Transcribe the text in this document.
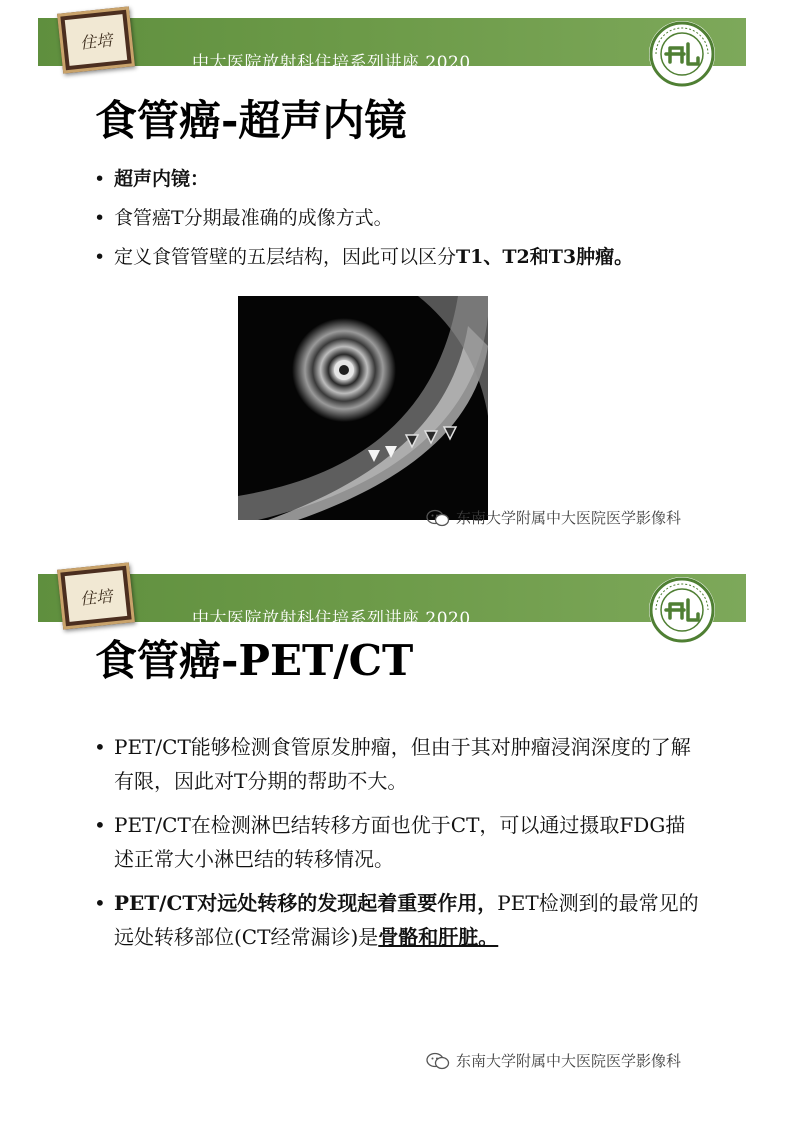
中大医院放射科住培系列讲座 2020
住培
食管癌-超声内镜
• 超声内镜：
• 食管癌T分期最准确的成像方式。
• 定义食管管壁的五层结构，因此可以区分T1、T2和T3肿瘤。
东南大学附属中大医院医学影像科
中大医院放射科住培系列讲座 2020
住培
食管癌-PET/CT
• PET/CT能够检测食管原发肿瘤，但由于其对肿瘤浸润深度的了解有限，因此对T分期的帮助不大。
• PET/CT在检测淋巴结转移方面也优于CT，可以通过摄取FDG描述正常大小淋巴结的转移情况。
• PET/CT对远处转移的发现起着重要作用，PET检测到的最常见的远处转移部位(CT经常漏诊)是骨骼和肝脏。
东南大学附属中大医院医学影像科
